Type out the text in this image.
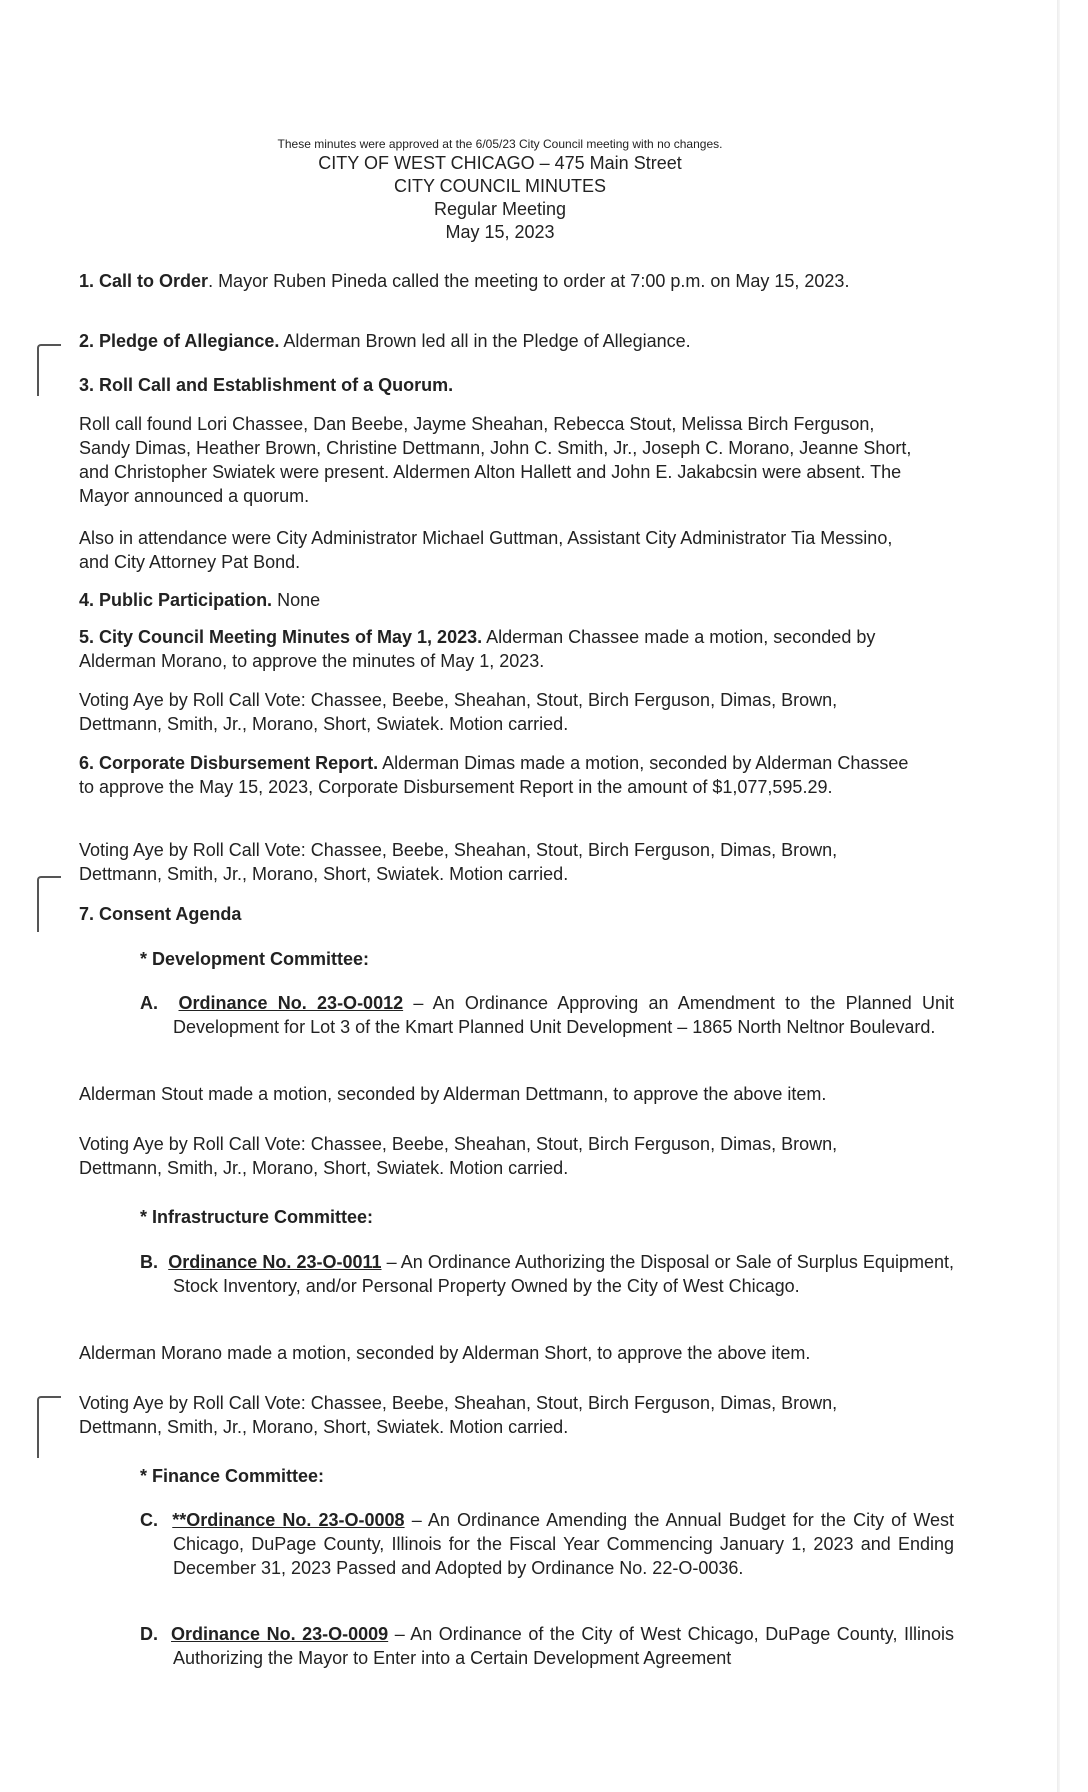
These minutes were approved at the 6/05/23 City Council meeting with no changes.
CITY OF WEST CHICAGO – 475 Main Street
CITY COUNCIL MINUTES
Regular Meeting
May 15, 2023
1. Call to Order. Mayor Ruben Pineda called the meeting to order at 7:00 p.m. on May 15, 2023.
2. Pledge of Allegiance. Alderman Brown led all in the Pledge of Allegiance.
3. Roll Call and Establishment of a Quorum.
Roll call found Lori Chassee, Dan Beebe, Jayme Sheahan, Rebecca Stout, Melissa Birch Ferguson, Sandy Dimas, Heather Brown, Christine Dettmann, John C. Smith, Jr., Joseph C. Morano, Jeanne Short, and Christopher Swiatek were present. Aldermen Alton Hallett and John E. Jakabcsin were absent. The Mayor announced a quorum.
Also in attendance were City Administrator Michael Guttman, Assistant City Administrator Tia Messino, and City Attorney Pat Bond.
4. Public Participation. None
5. City Council Meeting Minutes of May 1, 2023. Alderman Chassee made a motion, seconded by Alderman Morano, to approve the minutes of May 1, 2023.
Voting Aye by Roll Call Vote: Chassee, Beebe, Sheahan, Stout, Birch Ferguson, Dimas, Brown, Dettmann, Smith, Jr., Morano, Short, Swiatek. Motion carried.
6. Corporate Disbursement Report. Alderman Dimas made a motion, seconded by Alderman Chassee to approve the May 15, 2023, Corporate Disbursement Report in the amount of $1,077,595.29.
Voting Aye by Roll Call Vote: Chassee, Beebe, Sheahan, Stout, Birch Ferguson, Dimas, Brown, Dettmann, Smith, Jr., Morano, Short, Swiatek. Motion carried.
7. Consent Agenda
* Development Committee:
A. Ordinance No. 23-O-0012 – An Ordinance Approving an Amendment to the Planned Unit Development for Lot 3 of the Kmart Planned Unit Development – 1865 North Neltnor Boulevard.
Alderman Stout made a motion, seconded by Alderman Dettmann, to approve the above item.
Voting Aye by Roll Call Vote: Chassee, Beebe, Sheahan, Stout, Birch Ferguson, Dimas, Brown, Dettmann, Smith, Jr., Morano, Short, Swiatek. Motion carried.
* Infrastructure Committee:
B. Ordinance No. 23-O-0011 – An Ordinance Authorizing the Disposal or Sale of Surplus Equipment, Stock Inventory, and/or Personal Property Owned by the City of West Chicago.
Alderman Morano made a motion, seconded by Alderman Short, to approve the above item.
Voting Aye by Roll Call Vote: Chassee, Beebe, Sheahan, Stout, Birch Ferguson, Dimas, Brown, Dettmann, Smith, Jr., Morano, Short, Swiatek. Motion carried.
* Finance Committee:
C. **Ordinance No. 23-O-0008 – An Ordinance Amending the Annual Budget for the City of West Chicago, DuPage County, Illinois for the Fiscal Year Commencing January 1, 2023 and Ending December 31, 2023 Passed and Adopted by Ordinance No. 22-O-0036.
D. Ordinance No. 23-O-0009 – An Ordinance of the City of West Chicago, DuPage County, Illinois Authorizing the Mayor to Enter into a Certain Development Agreement
